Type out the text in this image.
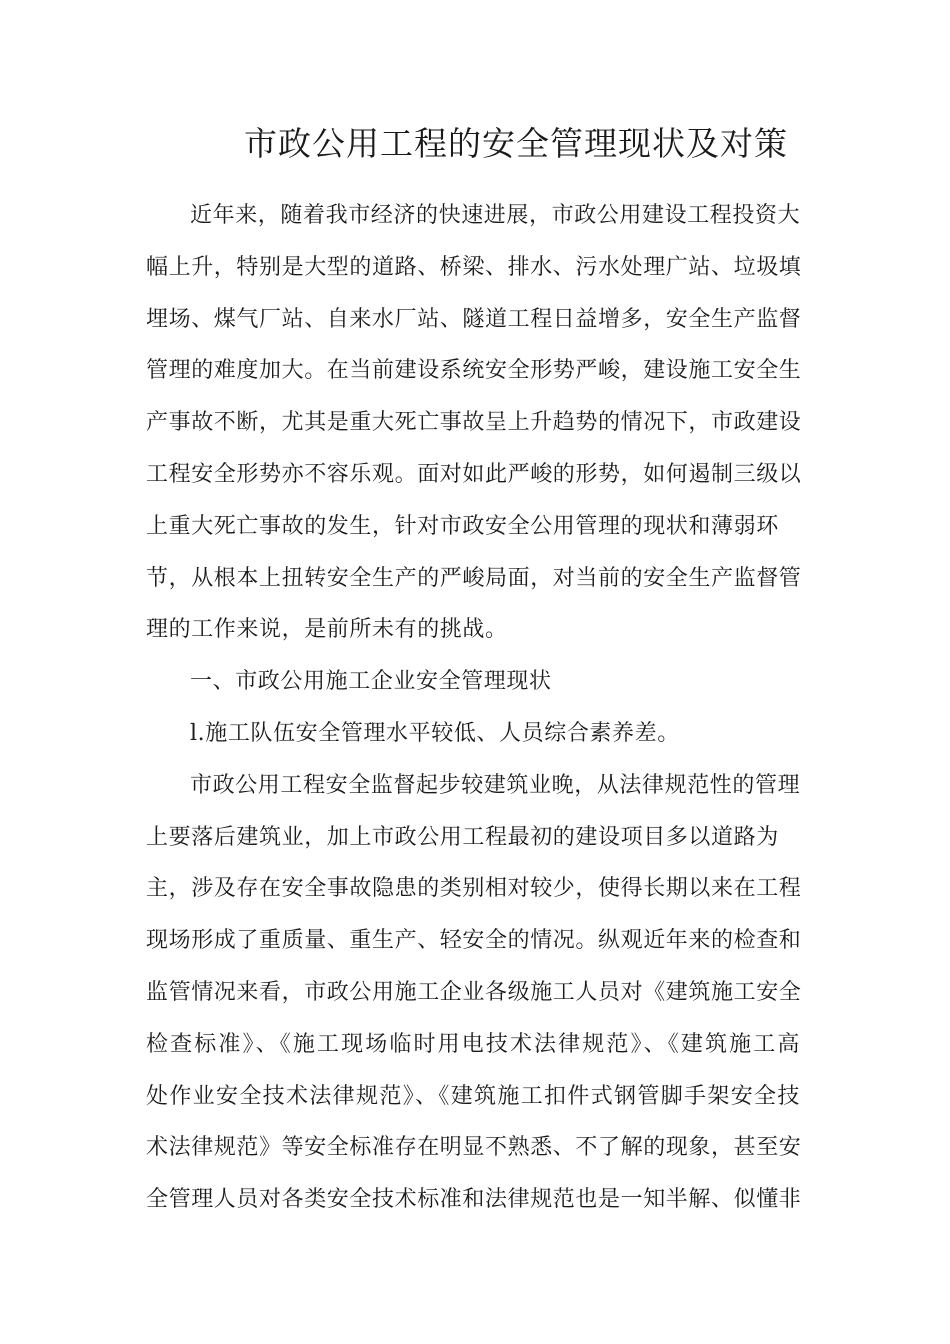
市政公用工程的安全管理现状及对策
近年来，随着我市经济的快速进展，市政公用建设工程投资大
幅上升，特别是大型的道路、桥梁、排水、污水处理广站、垃圾填
埋场、煤气厂站、自来水厂站、隧道工程日益增多，安全生产监督
管理的难度加大。在当前建设系统安全形势严峻，建设施工安全生
产事故不断，尤其是重大死亡事故呈上升趋势的情况下，市政建设
工程安全形势亦不容乐观。面对如此严峻的形势，如何遏制三级以
上重大死亡事故的发生，针对市政安全公用管理的现状和薄弱环
节，从根本上扭转安全生产的严峻局面，对当前的安全生产监督管
理的工作来说，是前所未有的挑战。
一、市政公用施工企业安全管理现状
l.施工队伍安全管理水平较低、人员综合素养差。
市政公用工程安全监督起步较建筑业晚，从法律规范性的管理
上要落后建筑业，加上市政公用工程最初的建设项目多以道路为
主，涉及存在安全事故隐患的类别相对较少，使得长期以来在工程
现场形成了重质量、重生产、轻安全的情况。纵观近年来的检查和
监管情况来看，市政公用施工企业各级施工人员对《建筑施工安全
检查标准》、《施工现场临时用电技术法律规范》、《建筑施工高
处作业安全技术法律规范》、《建筑施工扣件式钢管脚手架安全技
术法律规范》等安全标准存在明显不熟悉、不了解的现象，甚至安
全管理人员对各类安全技术标准和法律规范也是一知半解、似懂非
